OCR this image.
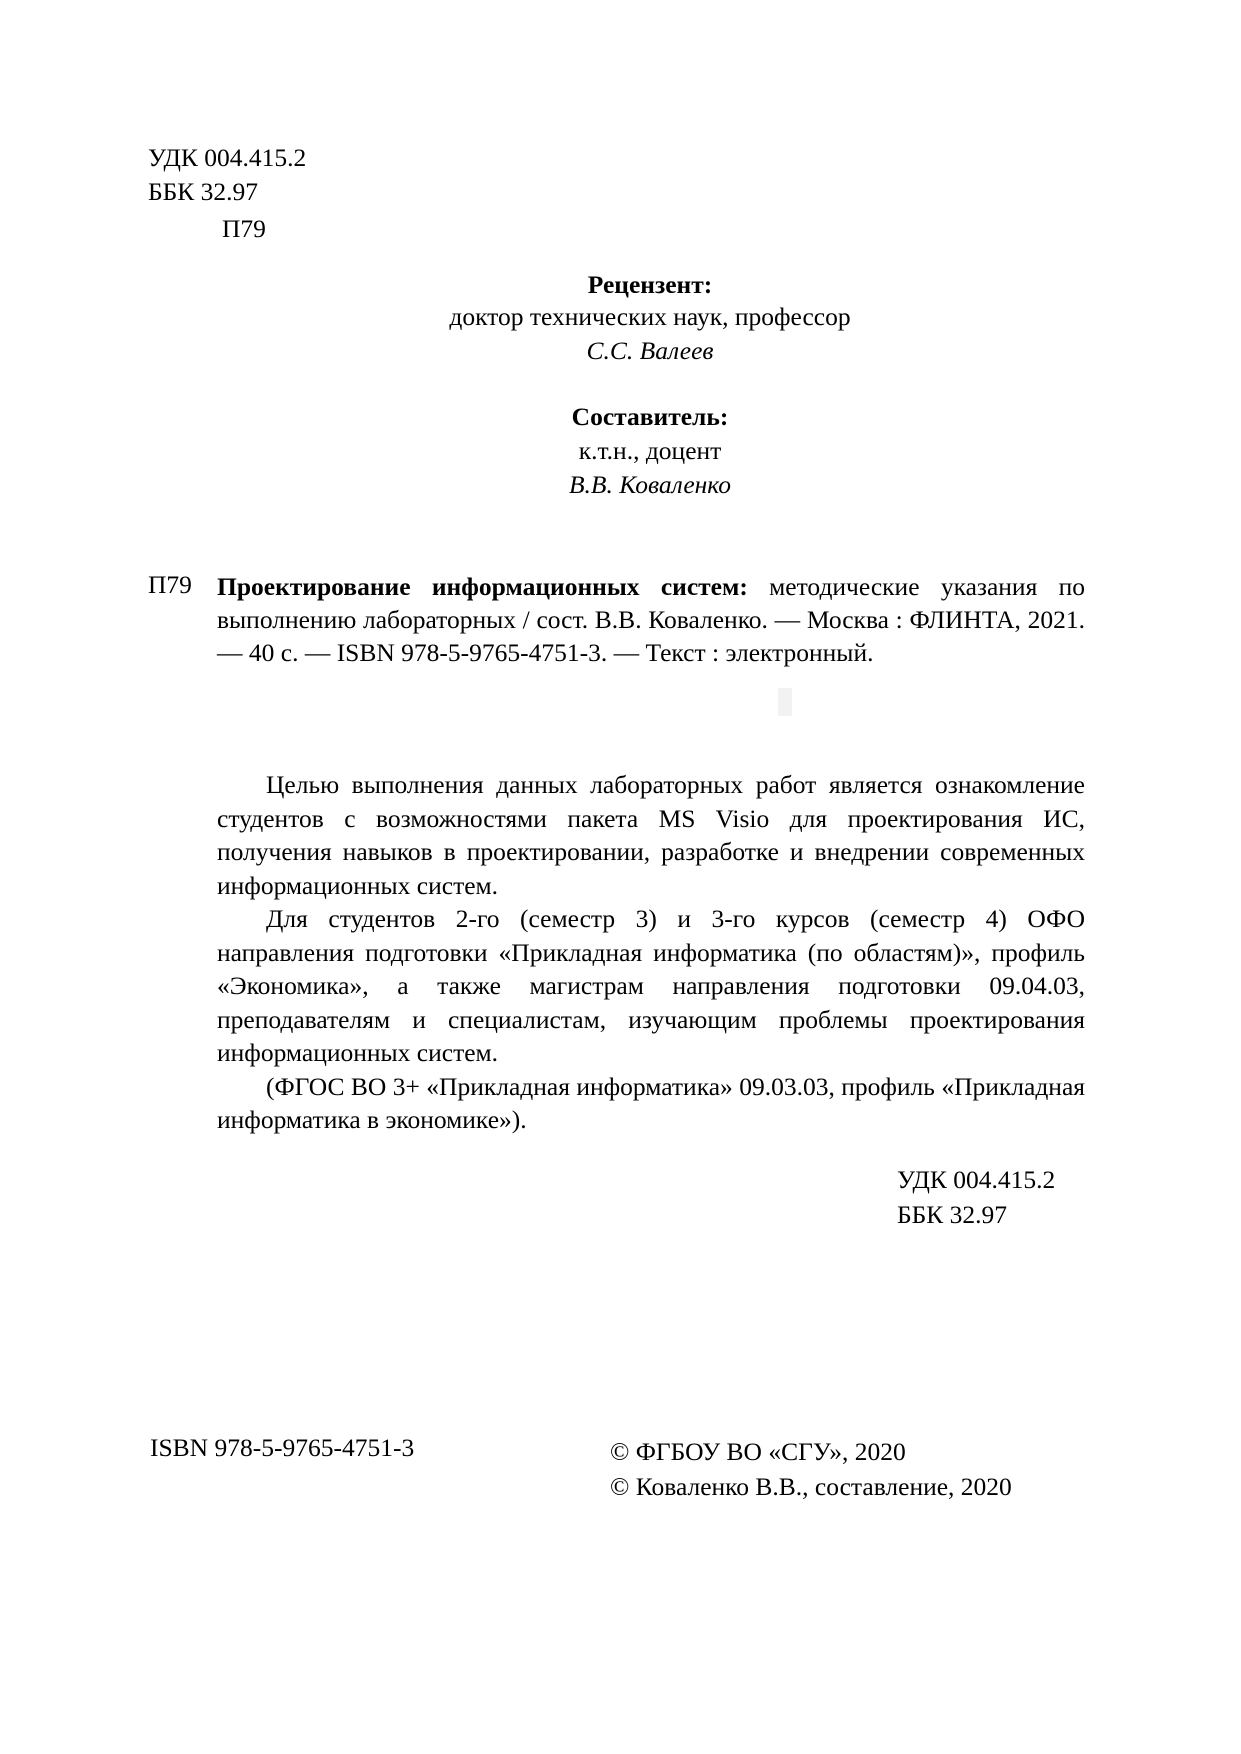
УДК 004.415.2
ББК 32.97
П79
Рецензент:
доктор технических наук, профессор
С.С. Валеев
Составитель:
к.т.н., доцент
В.В. Коваленко
П79 Проектирование информационных систем: методические указания по выполнению лабораторных / сост. В.В. Коваленко. — Москва : ФЛИНТА, 2021. — 40 с. — ISBN 978-5-9765-4751-3. — Текст : электронный.

Целью выполнения данных лабораторных работ является ознакомление студентов с возможностями пакета MS Visio для проектирования ИС, получения навыков в проектировании, разработке и внедрении современных информационных систем.

Для студентов 2-го (семестр 3) и 3-го курсов (семестр 4) ОФО направления подготовки «Прикладная информатика (по областям)», профиль «Экономика», а также магистрам направления подготовки 09.04.03, преподавателям и специалистам, изучающим проблемы проектирования информационных систем.

(ФГОС ВО 3+ «Прикладная информатика» 09.03.03, профиль «Прикладная информатика в экономике»).

УДК 004.415.2
ББК 32.97
ISBN 978-5-9765-4751-3	© ФГБОУ ВО «СГУ», 2020
© Коваленко В.В., составление, 2020
